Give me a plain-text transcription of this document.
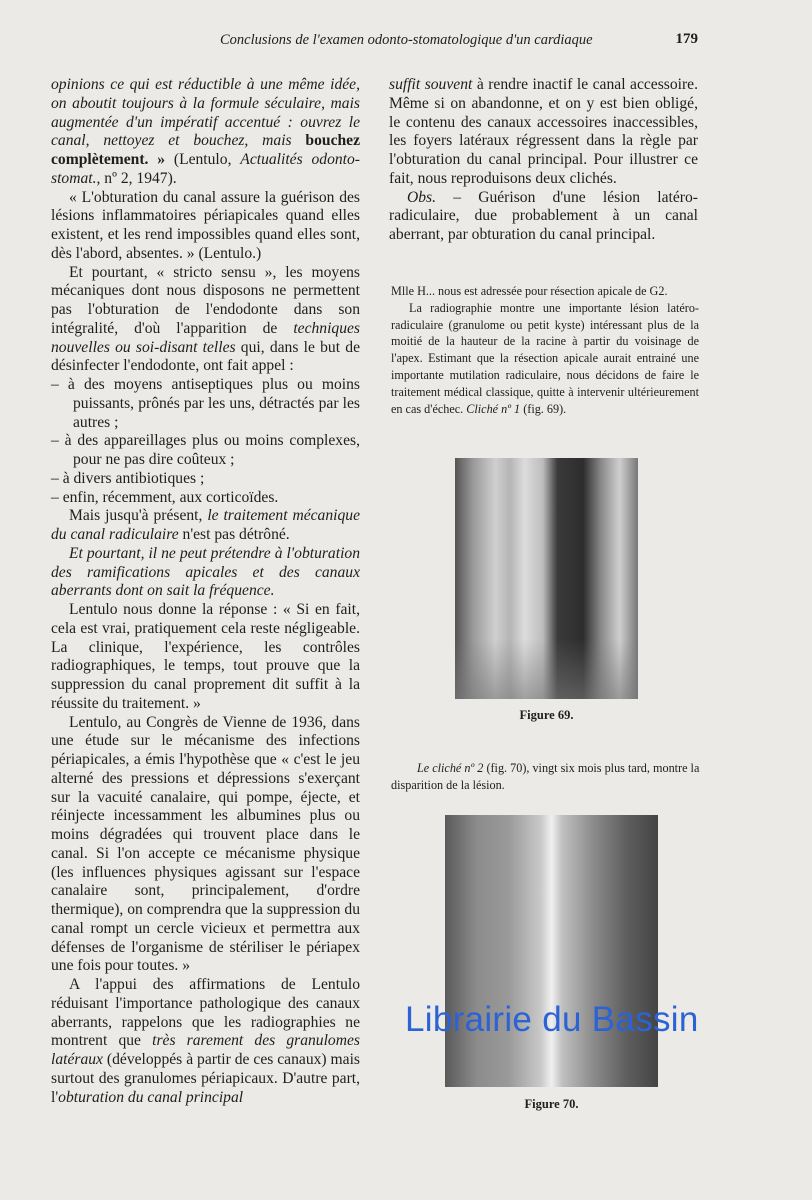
Conclusions de l'examen odonto-stomatologique d'un cardiaque	179

opinions ce qui est réductible à une même idée, on aboutit toujours à la formule séculaire, mais augmentée d'un impératif accentué : ouvrez le canal, nettoyez et bouchez, mais bouchez complètement. » (Lentulo, Actualités odonto-stomat., nº 2, 1947).

« L'obturation du canal assure la guérison des lésions inflammatoires périapicales quand elles existent, et les rend impossibles quand elles sont, dès l'abord, absentes. » (Lentulo.)

Et pourtant, « stricto sensu », les moyens mécaniques dont nous disposons ne permettent pas l'obturation de l'endodonte dans son intégralité, d'où l'apparition de techniques nouvelles ou soi-disant telles qui, dans le but de désinfecter l'endodonte, ont fait appel :

– à des moyens antiseptiques plus ou moins puissants, prônés par les uns, détractés par les autres ;

– à des appareillages plus ou moins complexes, pour ne pas dire coûteux ;

– à divers antibiotiques ;

– enfin, récemment, aux corticoïdes.

Mais jusqu'à présent, le traitement mécanique du canal radiculaire n'est pas détrôné.

Et pourtant, il ne peut prétendre à l'obturation des ramifications apicales et des canaux aberrants dont on sait la fréquence.

Lentulo nous donne la réponse : « Si en fait, cela est vrai, pratiquement cela reste négligeable. La clinique, l'expérience, les contrôles radiographiques, le temps, tout prouve que la suppression du canal proprement dit suffit à la réussite du traitement. »

Lentulo, au Congrès de Vienne de 1936, dans une étude sur le mécanisme des infections périapicales, a émis l'hypothèse que « c'est le jeu alterné des pressions et dépressions s'exerçant sur la vacuité canalaire, qui pompe, éjecte, et réinjecte incessamment les albumines plus ou moins dégradées qui trouvent place dans le canal. Si l'on accepte ce mécanisme physique (les influences physiques agissant sur l'espace canalaire sont, principalement, d'ordre thermique), on comprendra que la suppression du canal rompt un cercle vicieux et permettra aux défenses de l'organisme de stériliser le périapex une fois pour toutes. »

A l'appui des affirmations de Lentulo réduisant l'importance pathologique des canaux aberrants, rappelons que les radiographies ne montrent que très rarement des granulomes latéraux (développés à partir de ces canaux) mais surtout des granulomes périapicaux. D'autre part, l'obturation du canal principal

suffit souvent à rendre inactif le canal accessoire. Même si on abandonne, et on y est bien obligé, le contenu des canaux accessoires inaccessibles, les foyers latéraux régressent dans la règle par l'obturation du canal principal. Pour illustrer ce fait, nous reproduisons deux clichés.

Obs. – Guérison d'une lésion latéro-radiculaire, due probablement à un canal aberrant, par obturation du canal principal.

Mlle H... nous est adressée pour résection apicale de G2.

La radiographie montre une importante lésion latéro-radiculaire (granulome ou petit kyste) intéressant plus de la moitié de la hauteur de la racine à partir du voisinage de l'apex. Estimant que la résection apicale aurait entrainé une importante mutilation radiculaire, nous décidons de faire le traitement médical classique, quitte à intervenir ultérieurement en cas d'échec. Cliché nº 1 (fig. 69).

Figure 69.
Le cliché nº 2 (fig. 70), vingt six mois plus tard, montre la disparition de la lésion.
Figure 70.
Librairie du Bassin
